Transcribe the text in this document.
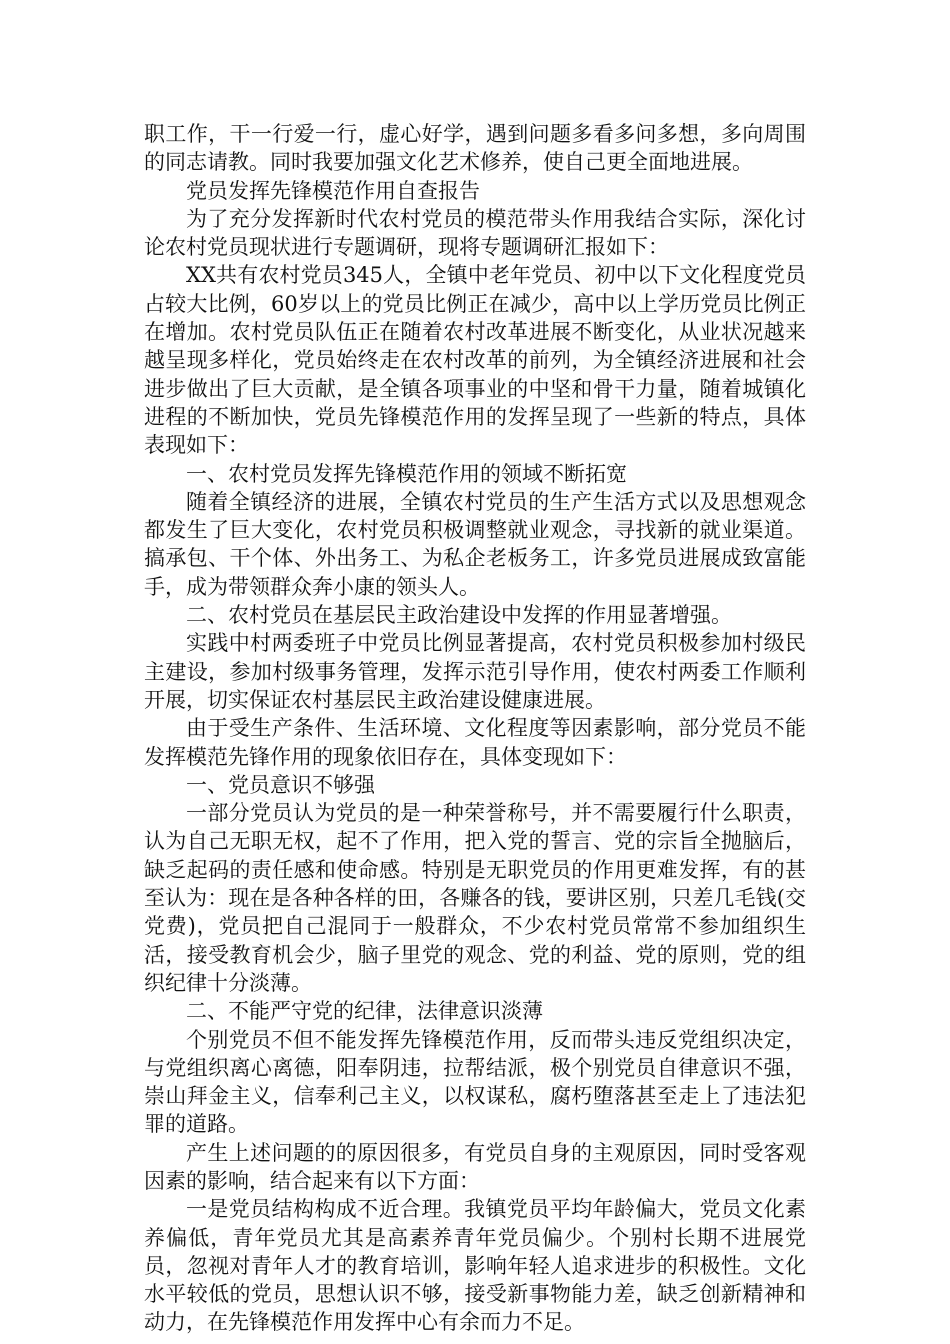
职工作，干一行爱一行，虚心好学，遇到问题多看多问多想，多向周围的同志请教。同时我要加强文化艺术修养，使自己更全面地进展。

党员发挥先锋模范作用自查报告

为了充分发挥新时代农村党员的模范带头作用我结合实际，深化讨论农村党员现状进行专题调研，现将专题调研汇报如下：

XX共有农村党员345人，全镇中老年党员、初中以下文化程度党员占较大比例，60岁以上的党员比例正在减少，高中以上学历党员比例正在增加。农村党员队伍正在随着农村改革进展不断变化，从业状况越来越呈现多样化，党员始终走在农村改革的前列，为全镇经济进展和社会进步做出了巨大贡献，是全镇各项事业的中坚和骨干力量，随着城镇化进程的不断加快，党员先锋模范作用的发挥呈现了一些新的特点，具体表现如下：

一、农村党员发挥先锋模范作用的领域不断拓宽

随着全镇经济的进展，全镇农村党员的生产生活方式以及思想观念都发生了巨大变化，农村党员积极调整就业观念，寻找新的就业渠道。搞承包、干个体、外出务工、为私企老板务工，许多党员进展成致富能手，成为带领群众奔小康的领头人。

二、农村党员在基层民主政治建设中发挥的作用显著增强。

实践中村两委班子中党员比例显著提高，农村党员积极参加村级民主建设，参加村级事务管理，发挥示范引导作用，使农村两委工作顺利开展，切实保证农村基层民主政治建设健康进展。

由于受生产条件、生活环境、文化程度等因素影响，部分党员不能发挥模范先锋作用的现象依旧存在，具体变现如下：

一、党员意识不够强

一部分党员认为党员的是一种荣誉称号，并不需要履行什么职责，认为自己无职无权，起不了作用，把入党的誓言、党的宗旨全抛脑后，缺乏起码的责任感和使命感。特别是无职党员的作用更难发挥，有的甚至认为：现在是各种各样的田，各赚各的钱，要讲区别，只差几毛钱(交党费)，党员把自己混同于一般群众，不少农村党员常常不参加组织生活，接受教育机会少，脑子里党的观念、党的利益、党的原则，党的组织纪律十分淡薄。

二、不能严守党的纪律，法律意识淡薄

个别党员不但不能发挥先锋模范作用，反而带头违反党组织决定，与党组织离心离德，阳奉阴违，拉帮结派，极个别党员自律意识不强，崇山拜金主义，信奉利己主义，以权谋私，腐朽堕落甚至走上了违法犯罪的道路。

产生上述问题的的原因很多，有党员自身的主观原因，同时受客观因素的影响，结合起来有以下方面：

一是党员结构构成不近合理。我镇党员平均年龄偏大，党员文化素养偏低，青年党员尤其是高素养青年党员偏少。个别村长期不进展党员，忽视对青年人才的教育培训，影响年轻人追求进步的积极性。文化水平较低的党员，思想认识不够，接受新事物能力差，缺乏创新精神和动力，在先锋模范作用发挥中心有余而力不足。
